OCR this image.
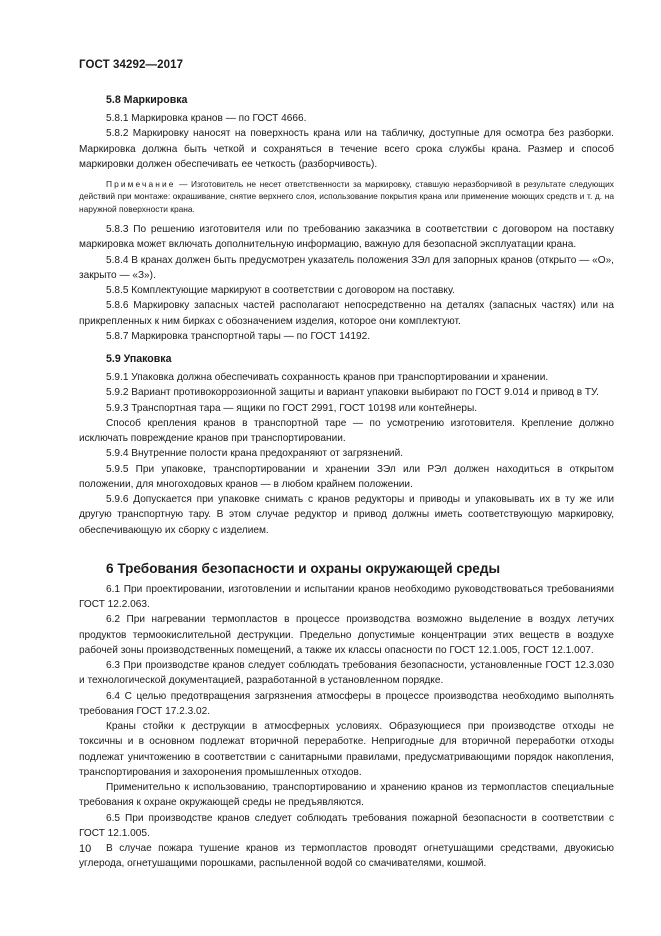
ГОСТ 34292—2017
5.8 Маркировка

5.8.1 Маркировка кранов — по ГОСТ 4666.

5.8.2 Маркировку наносят на поверхность крана или на табличку, доступные для осмотра без разборки. Маркировка должна быть четкой и сохраняться в течение всего срока службы крана. Размер и способ маркировки должен обеспечивать ее четкость (разборчивость).

Примечание — Изготовитель не несет ответственности за маркировку, ставшую неразборчивой в результате следующих действий при монтаже: окрашивание, снятие верхнего слоя, использование покрытия крана или применение моющих средств и т. д. на наружной поверхности крана.

5.8.3 По решению изготовителя или по требованию заказчика в соответствии с договором на поставку маркировка может включать дополнительную информацию, важную для безопасной эксплуатации крана.

5.8.4 В кранах должен быть предусмотрен указатель положения ЗЭл для запорных кранов (открыто — «О», закрыто — «З»).

5.8.5 Комплектующие маркируют в соответствии с договором на поставку.

5.8.6 Маркировку запасных частей располагают непосредственно на деталях (запасных частях) или на прикрепленных к ним бирках с обозначением изделия, которое они комплектуют.

5.8.7 Маркировка транспортной тары — по ГОСТ 14192.

5.9 Упаковка

5.9.1 Упаковка должна обеспечивать сохранность кранов при транспортировании и хранении.

5.9.2 Вариант противокоррозионной защиты и вариант упаковки выбирают по ГОСТ 9.014 и привод в ТУ.

5.9.3 Транспортная тара — ящики по ГОСТ 2991, ГОСТ 10198 или контейнеры.

Способ крепления кранов в транспортной таре — по усмотрению изготовителя. Крепление должно исключать повреждение кранов при транспортировании.

5.9.4 Внутренние полости крана предохраняют от загрязнений.

5.9.5 При упаковке, транспортировании и хранении ЗЭл или РЭл должен находиться в открытом положении, для многоходовых кранов — в любом крайнем положении.

5.9.6 Допускается при упаковке снимать с кранов редукторы и приводы и упаковывать их в ту же или другую транспортную тару. В этом случае редуктор и привод должны иметь соответствующую маркировку, обеспечивающую их сборку с изделием.

6 Требования безопасности и охраны окружающей среды

6.1 При проектировании, изготовлении и испытании кранов необходимо руководствоваться требованиями ГОСТ 12.2.063.

6.2 При нагревании термопластов в процессе производства возможно выделение в воздух летучих продуктов термоокислительной деструкции. Предельно допустимые концентрации этих веществ в воздухе рабочей зоны производственных помещений, а также их классы опасности по ГОСТ 12.1.005, ГОСТ 12.1.007.

6.3 При производстве кранов следует соблюдать требования безопасности, установленные ГОСТ 12.3.030 и технологической документацией, разработанной в установленном порядке.

6.4 С целью предотвращения загрязнения атмосферы в процессе производства необходимо выполнять требования ГОСТ 17.2.3.02.

Краны стойки к деструкции в атмосферных условиях. Образующиеся при производстве отходы не токсичны и в основном подлежат вторичной переработке. Непригодные для вторичной переработки отходы подлежат уничтожению в соответствии с санитарными правилами, предусматривающими порядок накопления, транспортирования и захоронения промышленных отходов.

Применительно к использованию, транспортированию и хранению кранов из термопластов специальные требования к охране окружающей среды не предъявляются.

6.5 При производстве кранов следует соблюдать требования пожарной безопасности в соответствии с ГОСТ 12.1.005.

В случае пожара тушение кранов из термопластов проводят огнетушащими средствами, двуокисью углерода, огнетушащими порошками, распыленной водой со смачивателями, кошмой.

10
